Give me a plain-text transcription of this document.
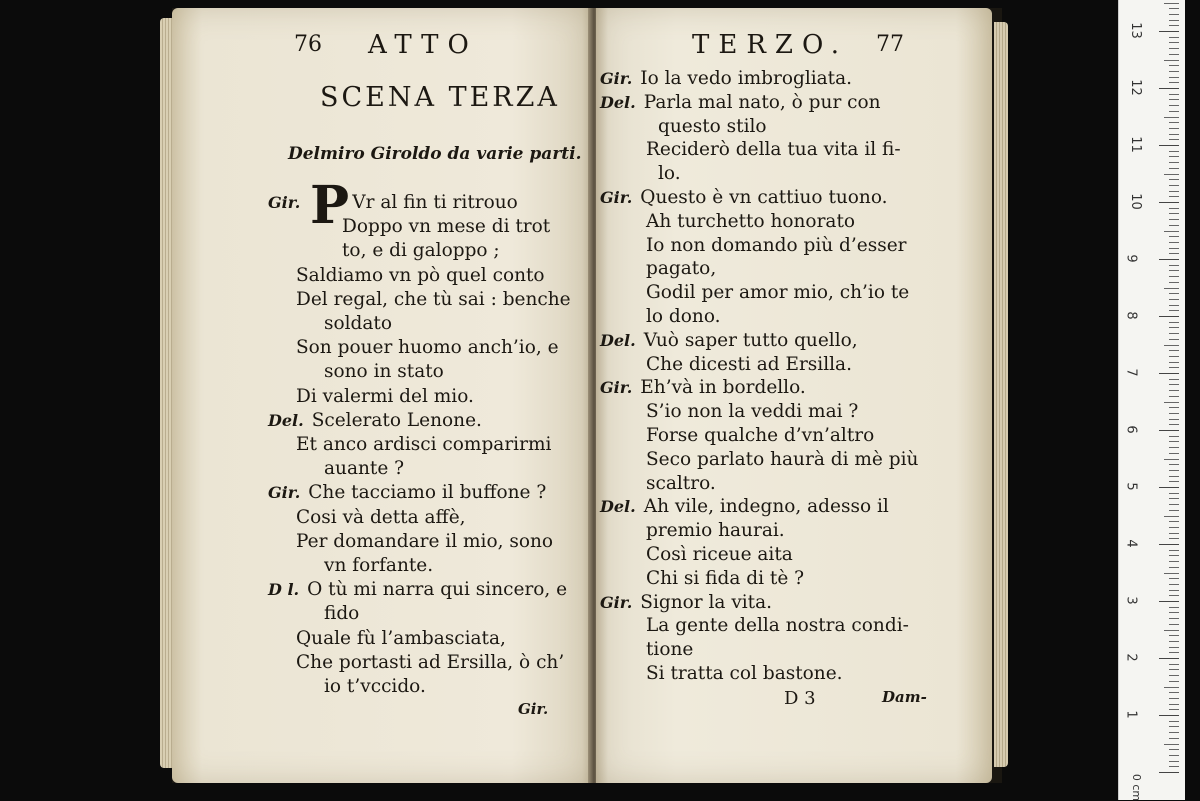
76 ATTO
SCENA TERZA
Delmiro Giroldo da varie parti.
P
Gir.	Vr al fin ti ritrouo
Doppo vn mese di trot
to, e di galoppo ;
Saldiamo vn pò quel conto
Del regal, che tù sai : benche
soldato
Son pouer huomo anch’io, e
sono in stato
Di valermi del mio.
Del. Scelerato Lenone.
Et anco ardisci comparirmi
auante ?
Gir. Che tacciamo il buffone ?
Cosi và detta affè,
Per domandare il mio, sono
vn forfante.
D l. O tù mi narra qui sincero, e
fido
Quale fù l’ambasciata,
Che portasti ad Ersilla, ò ch’
io t’vccido.
Gir.
TERZO. 77
Gir. Io la vedo imbrogliata.
Del. Parla mal nato, ò pur con
questo stilo
Reciderò della tua vita il fi-
lo.
Gir. Questo è vn cattiuo tuono.
Ah turchetto honorato
Io non domando più d’esser
pagato,
Godil per amor mio, ch’io te
lo dono.
Del. Vuò saper tutto quello,
Che dicesti ad Ersilla.
Gir. Eh’và in bordello.
S’io non la veddi mai ?
Forse qualche d’vn’altro
Seco parlato haurà di mè più
scaltro.
Del. Ah vile, indegno, adesso il
premio haurai.
Così riceue aita
Chi si fida di tè ?
Gir. Signor la vita.
La gente della nostra condi-
tione
Si tratta col bastone.
D 3	Dam-
1
2
3
4
5
6
7
8
9
10
11
12
13
0 cm
